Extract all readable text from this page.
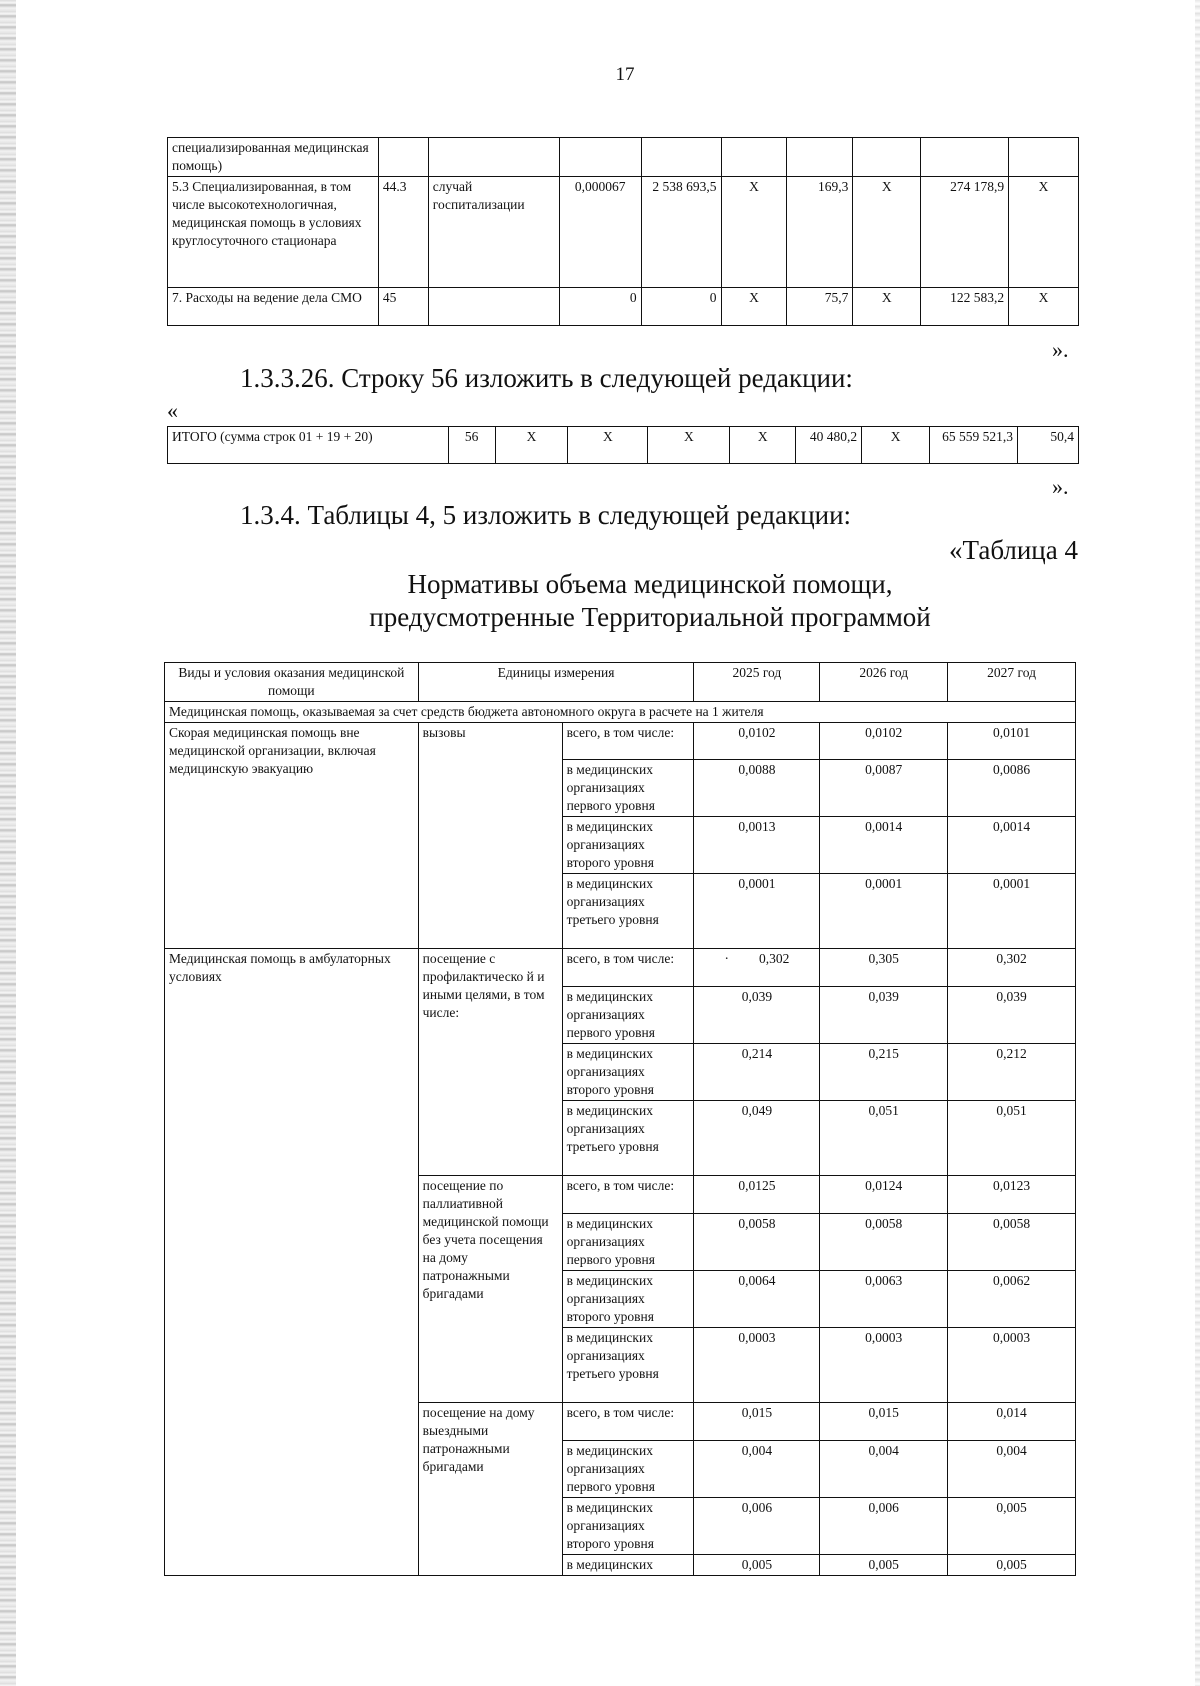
17
специализированная медицинская помощь)									
5.3 Специализированная, в том числе высокотехнологичная, медицинская помощь в условиях круглосуточного стационара	44.3	случай госпитализации	0,000067	2 538 693,5	X	169,3	X	274 178,9	X
7. Расходы на ведение дела СМО	45		0	0	X	75,7	X	122 583,2	X
».
1.3.3.26. Строку 56 изложить в следующей редакции:
«
ИТОГО (сумма строк 01 + 19 + 20)	56	X	X	X	X	40 480,2	X	65 559 521,3	50,4
».
1.3.4. Таблицы 4, 5 изложить в следующей редакции:
«Таблица 4
Нормативы объема медицинской помощи,
предусмотренные Территориальной программой
Виды и условия оказания медицинской помощи	Единицы измерения		2025 год	2026 год	2027 год
Медицинская помощь, оказываемая за счет средств бюджета автономного округа в расчете на 1 жителя					
Скорая медицинская помощь вне медицинской организации, включая медицинскую эвакуацию	вызовы	всего, в том числе:	0,0102	0,0102	0,0101
		в медицинских организациях первого уровня	0,0088	0,0087	0,0086
		в медицинских организациях второго уровня	0,0013	0,0014	0,0014
		в медицинских организациях третьего уровня	0,0001	0,0001	0,0001
Медицинская помощь в амбулаторных условиях	посещение с профилактическо й и иными целями, в том числе:	всего, в том числе:	· 0,302	0,305	0,302
		в медицинских организациях первого уровня	0,039	0,039	0,039
		в медицинских организациях второго уровня	0,214	0,215	0,212
		в медицинских организациях третьего уровня	0,049	0,051	0,051
	посещение по паллиативной медицинской помощи без учета посещения на дому патронажными бригадами	всего, в том числе:	0,0125	0,0124	0,0123
		в медицинских организациях первого уровня	0,0058	0,0058	0,0058
		в медицинских организациях второго уровня	0,0064	0,0063	0,0062
		в медицинских организациях третьего уровня	0,0003	0,0003	0,0003
	посещение на дому выездными патронажными бригадами	всего, в том числе:	0,015	0,015	0,014
		в медицинских организациях первого уровня	0,004	0,004	0,004
		в медицинских организациях второго уровня	0,006	0,006	0,005
		в медицинских	0,005	0,005	0,005
